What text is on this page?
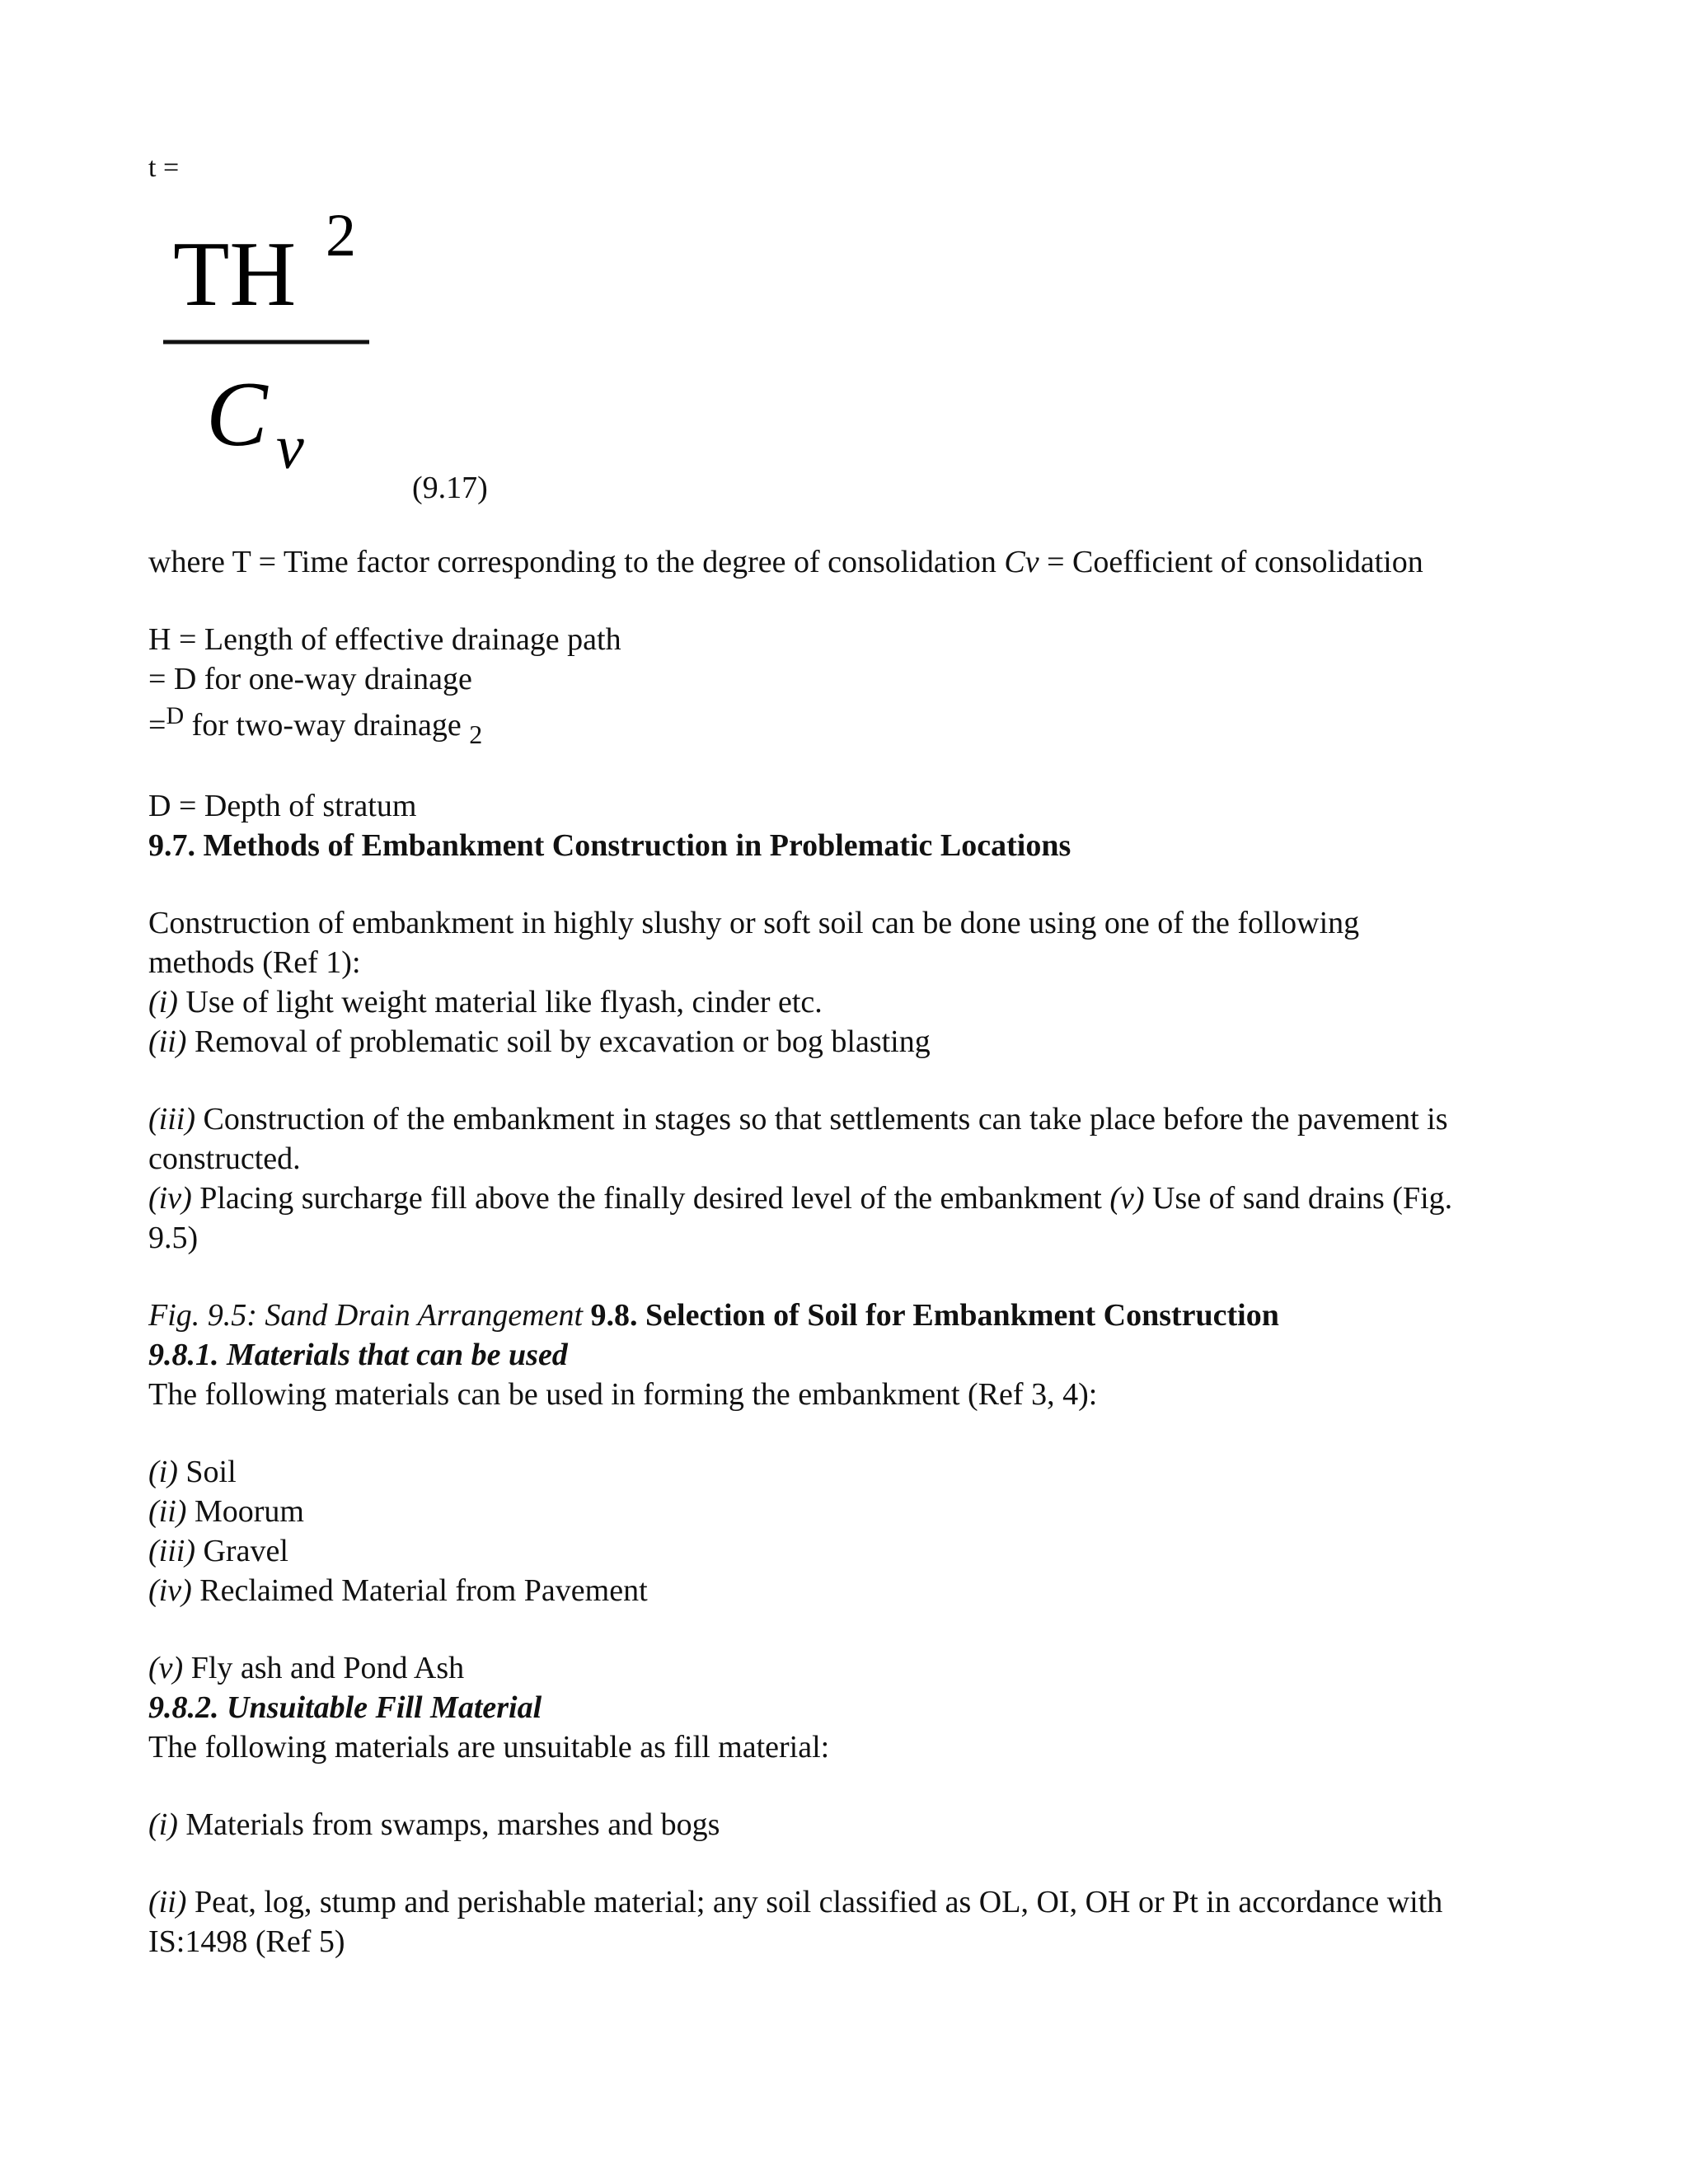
t =
TH 2
C v
(9.17)
where T = Time factor corresponding to the degree of consolidation Cv = Coefficient of consolidation
H = Length of effective drainage path
= D for one-way drainage
=$^D$ for two-way drainage $_2$
D = Depth of stratum
9.7. Methods of Embankment Construction in Problematic Locations
Construction of embankment in highly slushy or soft soil can be done using one of the following
methods (Ref 1):
(i) Use of light weight material like flyash, cinder etc.
(ii) Removal of problematic soil by excavation or bog blasting
(iii) Construction of the embankment in stages so that settlements can take place before the pavement is
constructed.
(iv) Placing surcharge fill above the finally desired level of the embankment (v) Use of sand drains (Fig.
9.5)
Fig. 9.5: Sand Drain Arrangement 9.8. Selection of Soil for Embankment Construction
9.8.1. Materials that can be used
The following materials can be used in forming the embankment (Ref 3, 4):
(i) Soil
(ii) Moorum
(iii) Gravel
(iv) Reclaimed Material from Pavement
(v) Fly ash and Pond Ash
9.8.2. Unsuitable Fill Material
The following materials are unsuitable as fill material:
(i) Materials from swamps, marshes and bogs
(ii) Peat, log, stump and perishable material; any soil classified as OL, OI, OH or Pt in accordance with
IS:1498 (Ref 5)
